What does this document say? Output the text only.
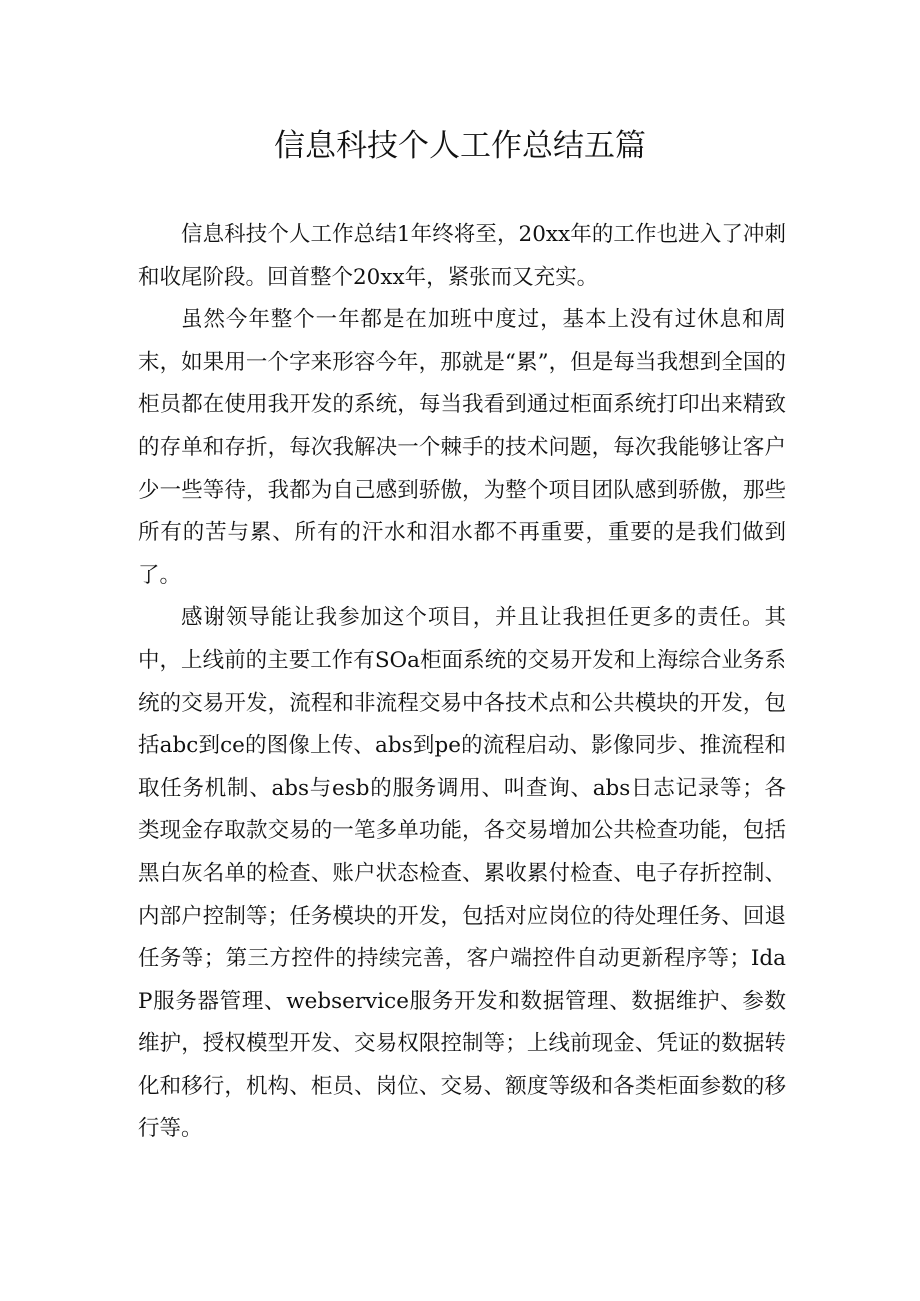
信息科技个人工作总结五篇

信息科技个人工作总结1年终将至，20xx年的工作也进入了冲刺和收尾阶段。回首整个20xx年，紧张而又充实。

虽然今年整个一年都是在加班中度过，基本上没有过休息和周末，如果用一个字来形容今年，那就是“累”，但是每当我想到全国的柜员都在使用我开发的系统，每当我看到通过柜面系统打印出来精致的存单和存折，每次我解决一个棘手的技术问题，每次我能够让客户少一些等待，我都为自己感到骄傲，为整个项目团队感到骄傲，那些所有的苦与累、所有的汗水和泪水都不再重要，重要的是我们做到了。

感谢领导能让我参加这个项目，并且让我担任更多的责任。其中，上线前的主要工作有SOa柜面系统的交易开发和上海综合业务系统的交易开发，流程和非流程交易中各技术点和公共模块的开发，包括abc到ce的图像上传、abs到pe的流程启动、影像同步、推流程和取任务机制、abs与esb的服务调用、叫查询、abs日志记录等；各类现金存取款交易的一笔多单功能，各交易增加公共检查功能，包括黑白灰名单的检查、账户状态检查、累收累付检查、电子存折控制、内部户控制等；任务模块的开发，包括对应岗位的待处理任务、回退任务等；第三方控件的持续完善，客户端控件自动更新程序等；IdaP服务器管理、webservice服务开发和数据管理、数据维护、参数维护，授权模型开发、交易权限控制等；上线前现金、凭证的数据转化和移行，机构、柜员、岗位、交易、额度等级和各类柜面参数的移行等。
